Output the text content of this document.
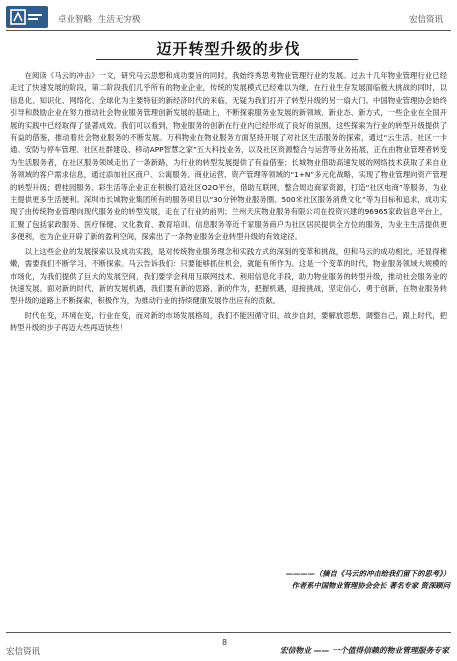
卓业智略 生活无穷极	宏信资讯
迈开转型升级的步伐

在阅读《马云的冲击》一文，研究马云思想和成功要旨的同时，我始终秀思考物业管理行业的发展。过去十几年物业管理行业已经走过了快速发展的阶段，第二阶段我们几乎所有的物业企业，传统的发展模式已经难以为继，在行业生存发展面临极大挑战的同时，以信息化、知识化、网络化、全球化为主要特征的新经济时代的来临，无疑为我们打开了转型升级的另一扇大门。中国物业管理协会始终引导和鼓励企业在努力推动社会物业服务管理创新发展的基础上，不断探索服务业发展的新领域、新业态、新方式，一些企业在全国开展的实践中已经取得了显著成效。我们可以看到，物业服务的创新在行业内已经形成了良好的氛围，这些探索为行业的转型升级提供了有益的借鉴，推动着社会物业服务的不断发展。万科物业在物业服务方面坚持开展了对社区生活服务的探索，通过“云生活、社区一卡通、安防与停车管理、社区社群建设、移动APP智慧之家”五大科技业务，以及社区资源整合与运营等业务拓展，正在由物业管理者转变为生活服务者，在社区服务领域走出了一条新路，为行业的转型发展提供了有益借鉴；长城物业借助高速发展的网络技术获取了来自业务领域的客户需求信息，通过添加社区商户、公寓服务、商业运营、资产管理等领域的“1+N”多元化战略，实现了物业管理向资产管理的转型升级；碧桂园服务、彩生活等企业正在积极打造社区O2O平台，借助互联网，整合周边商家资源，打造“社区电商”等服务，为业主提供更多生活便利。深圳市长城物业集团所有的服务项目以“30分钟物业服务圈、500米社区服务消费文化”等为目标和追求，成功实现了由传统物业管理向现代服务业的转型发展，走在了行业的前列；兰州天庆物业服务有限公司在投资兴建的96965家政信息平台上，汇聚了包括家政服务、医疗保健、文化教育、教育培训、信息服务等近千家服务商户为社区居民提供全方位的服务，为业主生活提供更多便利，也为企业开辟了新的盈利空间，探索出了一条物业服务企业转型升级的有效途径。

以上这些企业的发展探索以及成功实践，是对传统物业服务理念和实践方式的深刻的变革和挑战，但和马云的成功相比，还显得稚嫩，需要我们不断学习、不断探索。马云告诉我们：只要能够抓住机会，就能有所作为。这是一个变革的时代，物业服务领域大规模的市场化，为我们提供了巨大的发展空间，我们要学会利用互联网技术、利用信息化手段，助力物业服务的转型升级，推动社会服务业的快速发展。面对新的时代，新的发展机遇，我们要有新的思路、新的作为，把握机遇，迎接挑战，坚定信心，勇于创新，在物业服务转型升级的道路上不断探索，积极作为，为推动行业的持续健康发展作出应有的贡献。

时代在变，环境在变，行业在变，而对新的市场发展格局，我们不能因循守旧、故步自封，要解放思想、调整自己，跟上时代，把转型升级的步子再迈大些再迈快些！

————（摘自《马云的冲击给我们留下的思考》）
作者系中国物业管理协会会长 著名专家 资深顾问
宏信资讯
8
宏信物业 —— 一个值得信赖的物业管理服务专家
